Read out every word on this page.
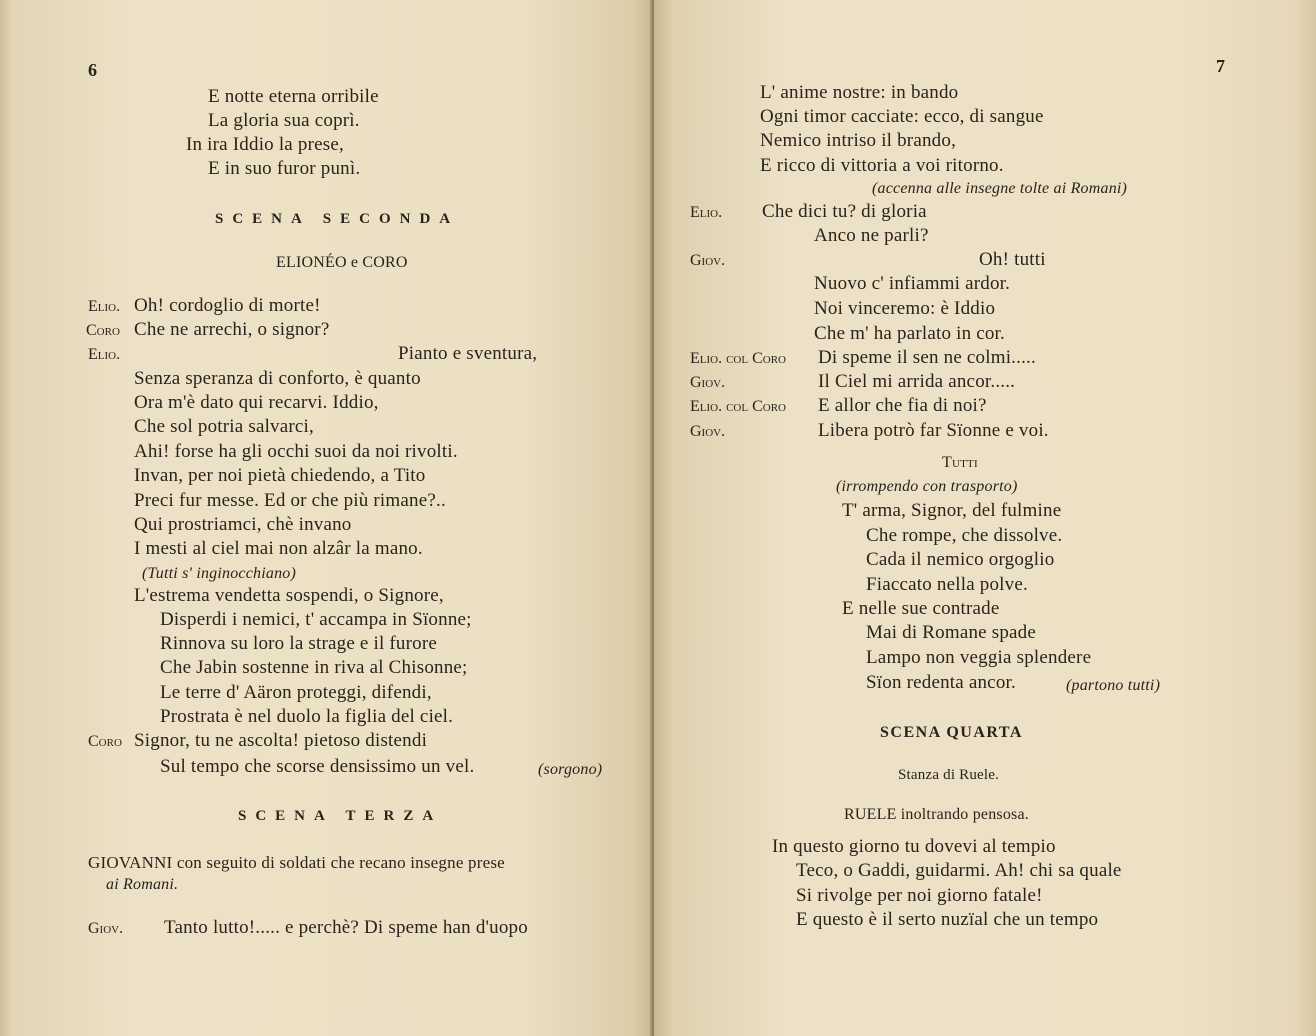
6
E notte eterna orribile
La gloria sua coprì.
In ira Iddio la prese,
E in suo furor punì.
SCENA SECONDA
ELIONÉO e CORO
Elio. Oh! cordoglio di morte!
Coro Che ne arrechi, o signor?
Elio.	Pianto e sventura,
Senza speranza di conforto, è quanto
Ora m'è dato qui recarvi. Iddio,
Che sol potria salvarci,
Ahi! forse ha gli occhi suoi da noi rivolti.
Invan, per noi pietà chiedendo, a Tito
Preci fur messe. Ed or che più rimane?..
Qui prostriamci, chè invano
I mesti al ciel mai non alzâr la mano.
(Tutti s' inginocchiano)
L'estrema vendetta sospendi, o Signore,
Disperdi i nemici, t' accampa in Sïonne;
Rinnova su loro la strage e il furore
Che Jabin sostenne in riva al Chisonne;
Le terre d' Aäron proteggi, difendi,
Prostrata è nel duolo la figlia del ciel.
Coro Signor, tu ne ascolta! pietoso distendi
Sul tempo che scorse densissimo un vel.	(sorgono)
SCENA TERZA
GIOVANNI con seguito di soldati che recano insegne prese
ai Romani.
Giov. Tanto lutto!..... e perchè? Di speme han d'uopo
7
L' anime nostre: in bando
Ogni timor cacciate: ecco, di sangue
Nemico intriso il brando,
E ricco di vittoria a voi ritorno.
(accenna alle insegne tolte ai Romani)
Elio. Che dici tu? di gloria
Anco ne parli?
Giov.	Oh! tutti
Nuovo c' infiammi ardor.
Noi vinceremo: è Iddio
Che m' ha parlato in cor.
Elio. col Coro Di speme il sen ne colmi.....
Giov.	Il Ciel mi arrida ancor.....
Elio. col Coro E allor che fia di noi?
Giov.	Libera potrò far Sïonne e voi.
Tutti
(irrompendo con trasporto)
T' arma, Signor, del fulmine
Che rompe, che dissolve.
Cada il nemico orgoglio
Fiaccato nella polve.
E nelle sue contrade
Mai di Romane spade
Lampo non veggia splendere
Sïon redenta ancor.	(partono tutti)
SCENA QUARTA
Stanza di Ruele.
RUELE inoltrando pensosa.
In questo giorno tu dovevi al tempio
Teco, o Gaddi, guidarmi. Ah! chi sa quale
Si rivolge per noi giorno fatale!
E questo è il serto nuzïal che un tempo
